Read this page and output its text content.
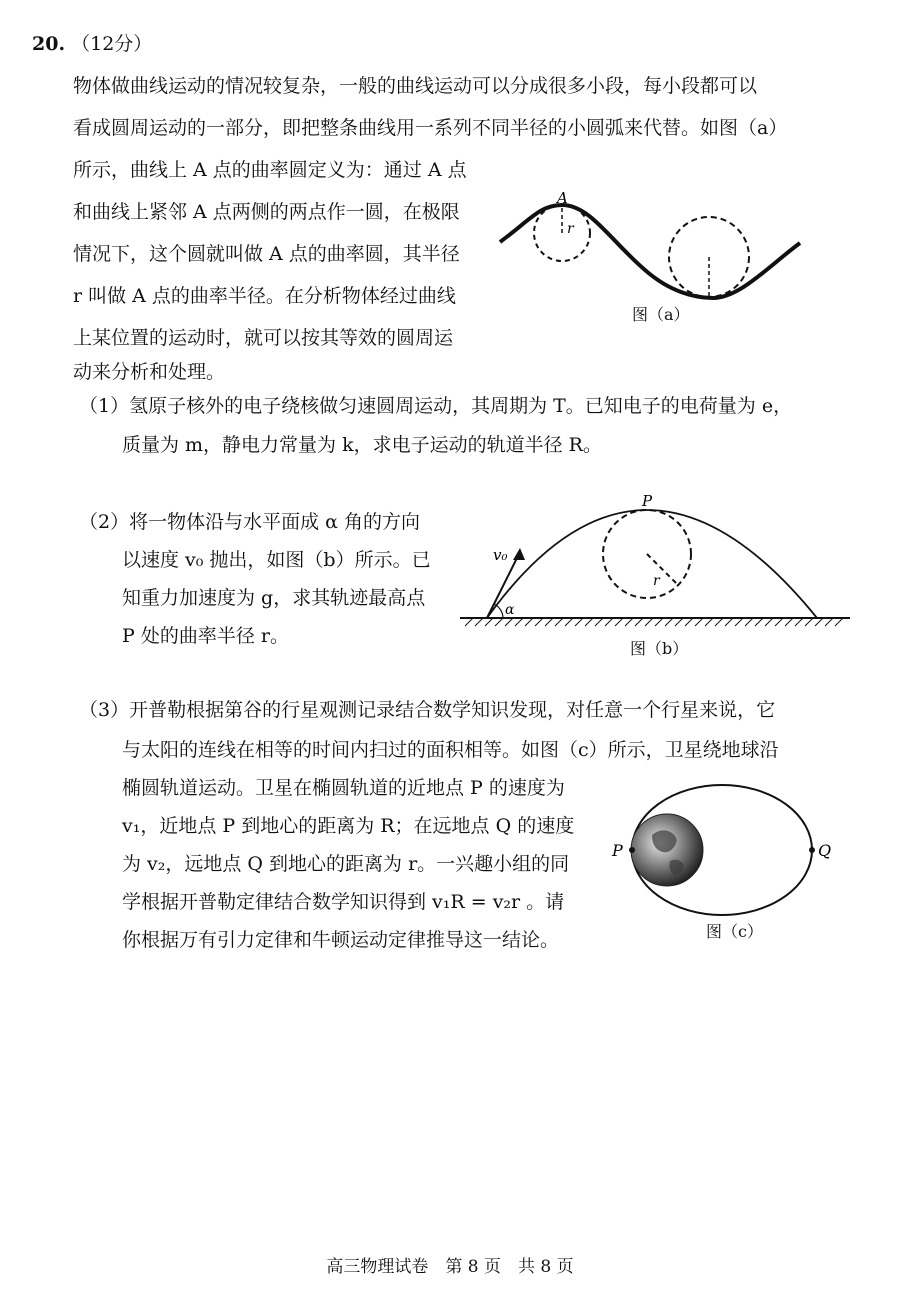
20. （12分）
物体做曲线运动的情况较复杂，一般的曲线运动可以分成很多小段，每小段都可以
看成圆周运动的一部分，即把整条曲线用一系列不同半径的小圆弧来代替。如图（a）
所示，曲线上 A 点的曲率圆定义为：通过 A 点
和曲线上紧邻 A 点两侧的两点作一圆，在极限
情况下，这个圆就叫做 A 点的曲率圆，其半径
r 叫做 A 点的曲率半径。在分析物体经过曲线
上某位置的运动时，就可以按其等效的圆周运
动来分析和处理。
A
r
图（a）
（1）氢原子核外的电子绕核做匀速圆周运动，其周期为 T。已知电子的电荷量为 e，
质量为 m，静电力常量为 k，求电子运动的轨道半径 R。
（2）将一物体沿与水平面成 α 角的方向
以速度 v₀ 抛出，如图（b）所示。已
知重力加速度为 g，求其轨迹最高点
P 处的曲率半径 r。
P
v₀
α
r
图（b）
（3）开普勒根据第谷的行星观测记录结合数学知识发现，对任意一个行星来说，它
与太阳的连线在相等的时间内扫过的面积相等。如图（c）所示，卫星绕地球沿
椭圆轨道运动。卫星在椭圆轨道的近地点 P 的速度为
v₁，近地点 P 到地心的距离为 R；在远地点 Q 的速度
为 v₂，远地点 Q 到地心的距离为 r。一兴趣小组的同
学根据开普勒定律结合数学知识得到 v₁R = v₂r 。请
你根据万有引力定律和牛顿运动定律推导这一结论。
P	Q
图（c）
高三物理试卷　第 8 页　共 8 页
